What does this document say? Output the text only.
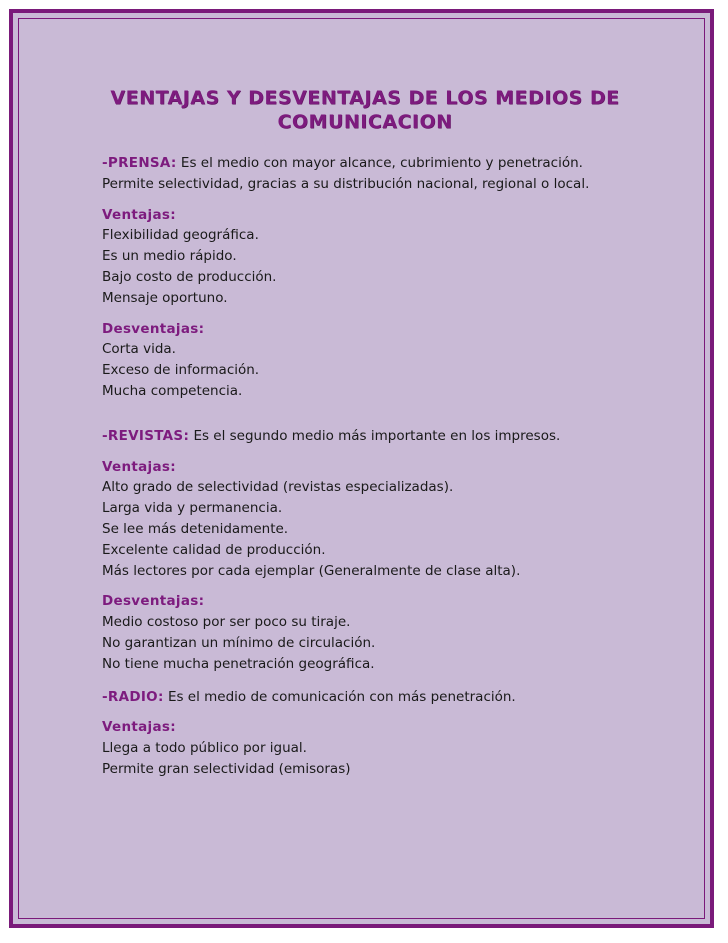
VENTAJAS Y DESVENTAJAS DE LOS MEDIOS DE
COMUNICACION
-PRENSA: Es el medio con mayor alcance, cubrimiento y penetración.
Permite selectividad, gracias a su distribución nacional, regional o local.
Ventajas:
Flexibilidad geográfica.
Es un medio rápido.
Bajo costo de producción.
Mensaje oportuno.
Desventajas:
Corta vida.
Exceso de información.
Mucha competencia.
-REVISTAS: Es el segundo medio más importante en los impresos.
Ventajas:
Alto grado de selectividad (revistas especializadas).
Larga vida y permanencia.
Se lee más detenidamente.
Excelente calidad de producción.
Más lectores por cada ejemplar (Generalmente de clase alta).
Desventajas:
Medio costoso por ser poco su tiraje.
No garantizan un mínimo de circulación.
No tiene mucha penetración geográfica.
-RADIO: Es el medio de comunicación con más penetración.
Ventajas:
Llega a todo público por igual.
Permite gran selectividad (emisoras)
